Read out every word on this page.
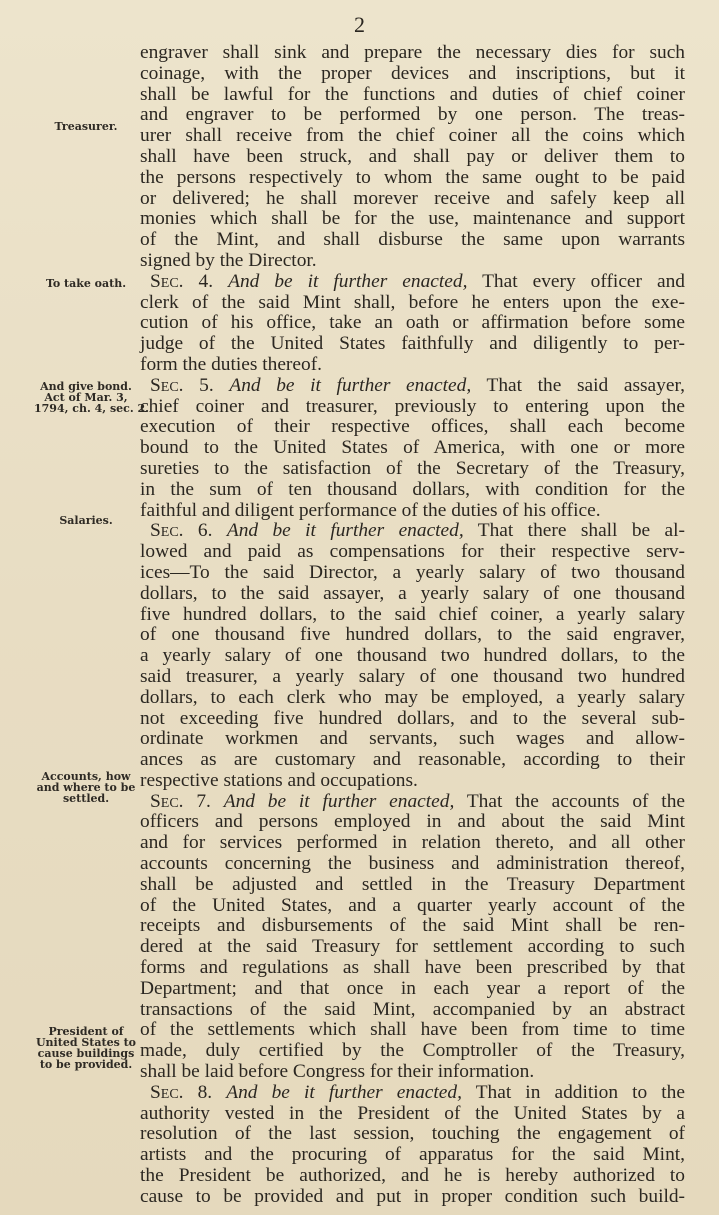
2
Treasurer.
To take oath.
And give bond.
Act of Mar. 3,
1794, ch. 4, sec. 2.
Salaries.
Accounts, how
and where to be
settled.
President of
United States to
cause buildings
to be provided.
engraver shall sink and prepare the necessary dies for such
coinage, with the proper devices and inscriptions, but it
shall be lawful for the functions and duties of chief coiner
and engraver to be performed by one person. The treas-
urer shall receive from the chief coiner all the coins which
shall have been struck, and shall pay or deliver them to
the persons respectively to whom the same ought to be paid
or delivered; he shall morever receive and safely keep all
monies which shall be for the use, maintenance and support
of the Mint, and shall disburse the same upon warrants
signed by the Director.
Sec. 4. And be it further enacted, That every officer and
clerk of the said Mint shall, before he enters upon the exe-
cution of his office, take an oath or affirmation before some
judge of the United States faithfully and diligently to per-
form the duties thereof.
Sec. 5. And be it further enacted, That the said assayer,
chief coiner and treasurer, previously to entering upon the
execution of their respective offices, shall each become
bound to the United States of America, with one or more
sureties to the satisfaction of the Secretary of the Treasury,
in the sum of ten thousand dollars, with condition for the
faithful and diligent performance of the duties of his office.
Sec. 6. And be it further enacted, That there shall be al-
lowed and paid as compensations for their respective serv-
ices—To the said Director, a yearly salary of two thousand
dollars, to the said assayer, a yearly salary of one thousand
five hundred dollars, to the said chief coiner, a yearly salary
of one thousand five hundred dollars, to the said engraver,
a yearly salary of one thousand two hundred dollars, to the
said treasurer, a yearly salary of one thousand two hundred
dollars, to each clerk who may be employed, a yearly salary
not exceeding five hundred dollars, and to the several sub-
ordinate workmen and servants, such wages and allow-
ances as are customary and reasonable, according to their
respective stations and occupations.
Sec. 7. And be it further enacted, That the accounts of the
officers and persons employed in and about the said Mint
and for services performed in relation thereto, and all other
accounts concerning the business and administration thereof,
shall be adjusted and settled in the Treasury Department
of the United States, and a quarter yearly account of the
receipts and disbursements of the said Mint shall be ren-
dered at the said Treasury for settlement according to such
forms and regulations as shall have been prescribed by that
Department; and that once in each year a report of the
transactions of the said Mint, accompanied by an abstract
of the settlements which shall have been from time to time
made, duly certified by the Comptroller of the Treasury,
shall be laid before Congress for their information.
Sec. 8. And be it further enacted, That in addition to the
authority vested in the President of the United States by a
resolution of the last session, touching the engagement of
artists and the procuring of apparatus for the said Mint,
the President be authorized, and he is hereby authorized to
cause to be provided and put in proper condition such build-
